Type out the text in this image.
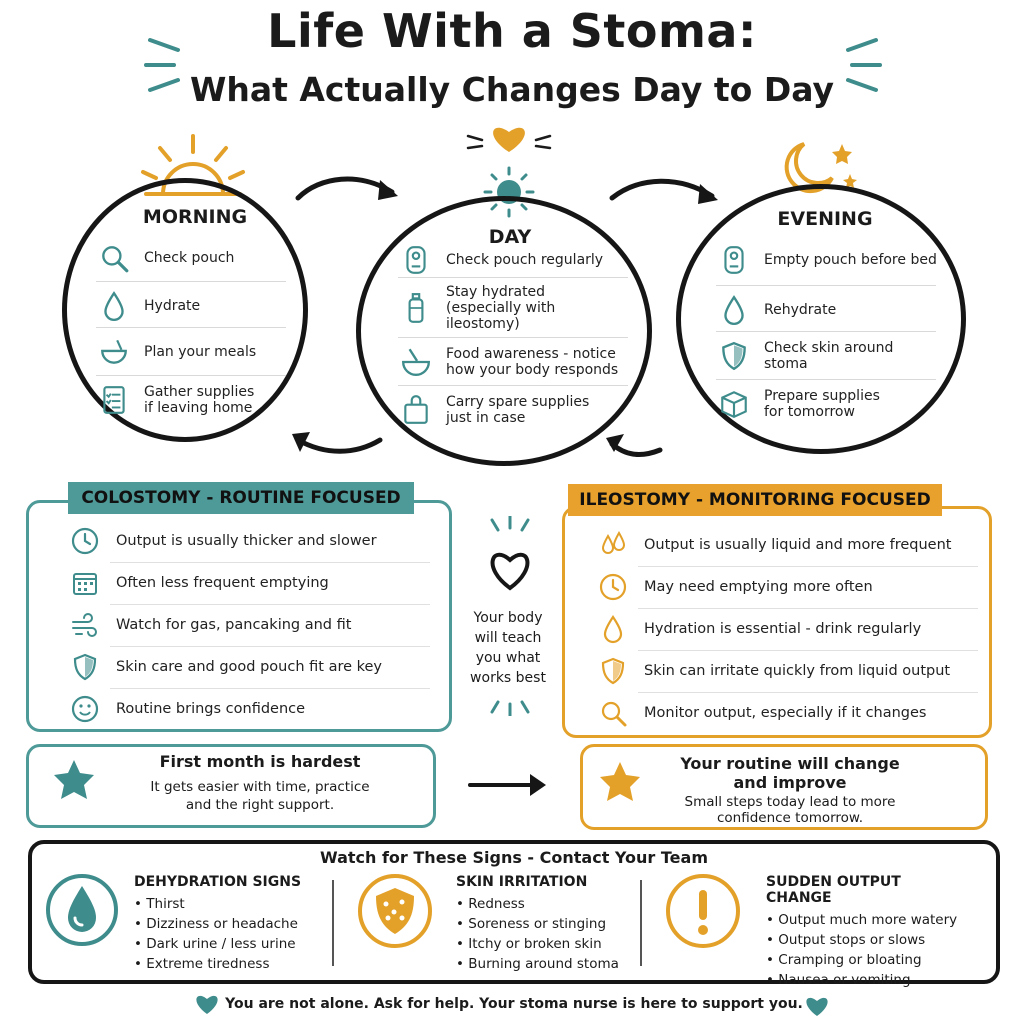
Life With a Stoma:
What Actually Changes Day to Day
MORNING
DAY
EVENING
COLOSTOMY - ROUTINE FOCUSED	ILEOSTOMY - MONITORING FOCUSED
Your body
will teach
you what
works best
First month is hardest
It gets easier with time, practice
and the right support.
Your routine will change
and improve
Small steps today lead to more
confidence tomorrow.
Watch for These Signs - Contact Your Team
You are not alone. Ask for help. Your stoma nurse is here to support you.
Check pouch
Hydrate
Plan your meals
Gather supplies
if leaving home
Check pouch regularly
Stay hydrated
(especially with
ileostomy)
Food awareness - notice
how your body responds
Carry spare supplies
just in case
Empty pouch before bed
Rehydrate
Check skin around
stoma
Prepare supplies
for tomorrow
Output is usually thicker and slower
Often less frequent emptying
Watch for gas, pancaking and fit
Skin care and good pouch fit are key
Routine brings confidence
Output is usually liquid and more frequent
May need emptying more often
Hydration is essential - drink regularly
Skin can irritate quickly from liquid output
Monitor output, especially if it changes
DEHYDRATION SIGNS
• Thirst
• Dizziness or headache
• Dark urine / less urine
• Extreme tiredness
SKIN IRRITATION
• Redness
• Soreness or stinging
• Itchy or broken skin
• Burning around stoma
SUDDEN OUTPUT CHANGE
• Output much more watery
• Output stops or slows
• Cramping or bloating
• Nausea or vomiting
